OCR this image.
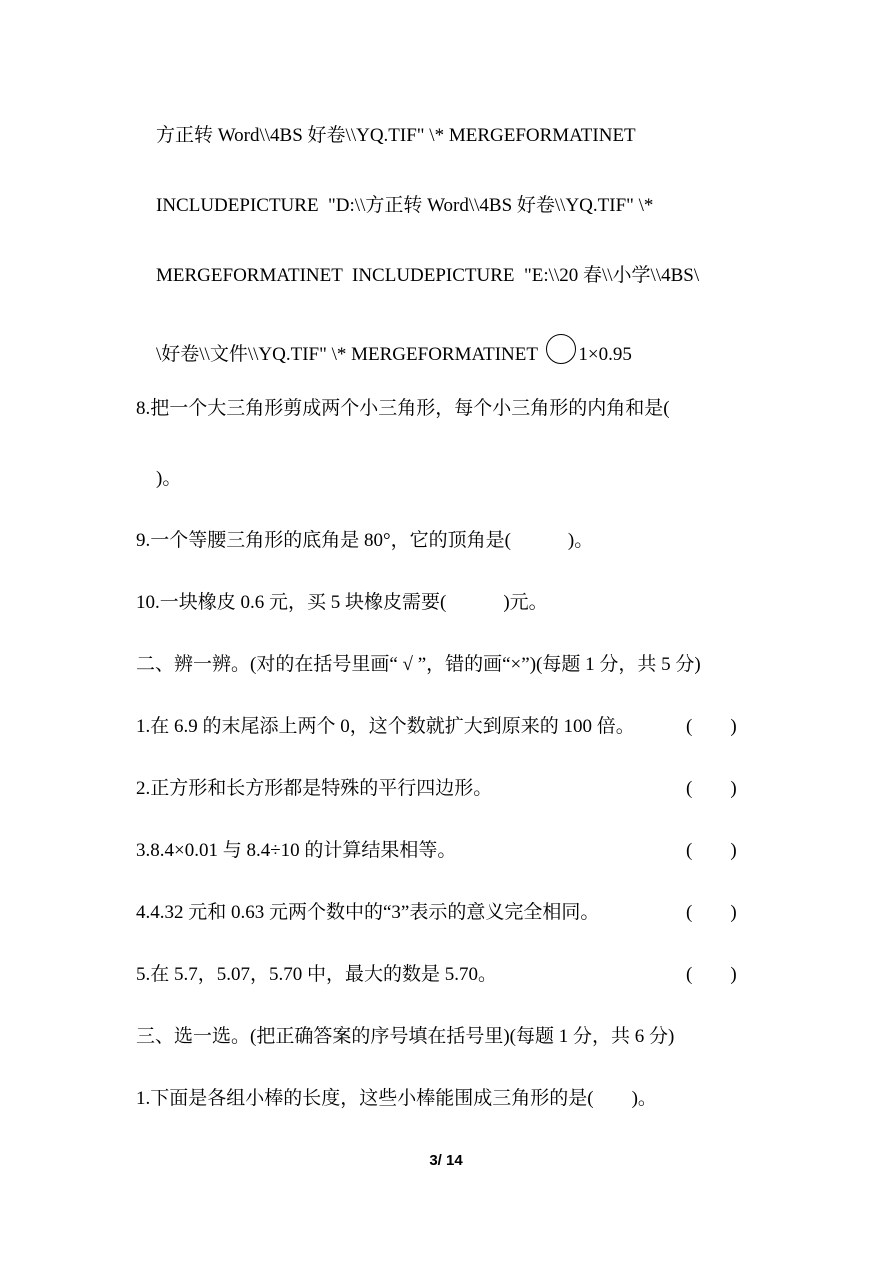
方正转 Word\\4BS 好卷\\YQ.TIF" \* MERGEFORMATINET
INCLUDEPICTURE  "D:\\方正转 Word\\4BS 好卷\\YQ.TIF" \*
MERGEFORMATINET  INCLUDEPICTURE  "E:\\20 春\\小学\\4BS\
\好卷\\文件\\YQ.TIF" \* MERGEFORMATINET 1×0.95
8.把一个大三角形剪成两个小三角形，每个小三角形的内角和是(
)。
9.一个等腰三角形的底角是 80°，它的顶角是(            )。
10.一块橡皮 0.6 元，买 5 块橡皮需要(            )元。
二、辨一辨。(对的在括号里画“ √ ”，错的画“×”)(每题 1 分，共 5 分)
1.在 6.9 的末尾添上两个 0，这个数就扩大到原来的 100 倍。	(        )
2.正方形和长方形都是特殊的平行四边形。	(        )
3.8.4×0.01 与 8.4÷10 的计算结果相等。	(        )
4.4.32 元和 0.63 元两个数中的“3”表示的意义完全相同。	(        )
5.在 5.7，5.07，5.70 中，最大的数是 5.70。	(        )
三、选一选。(把正确答案的序号填在括号里)(每题 1 分，共 6 分)
1.下面是各组小棒的长度，这些小棒能围成三角形的是(        )。
3/ 14
